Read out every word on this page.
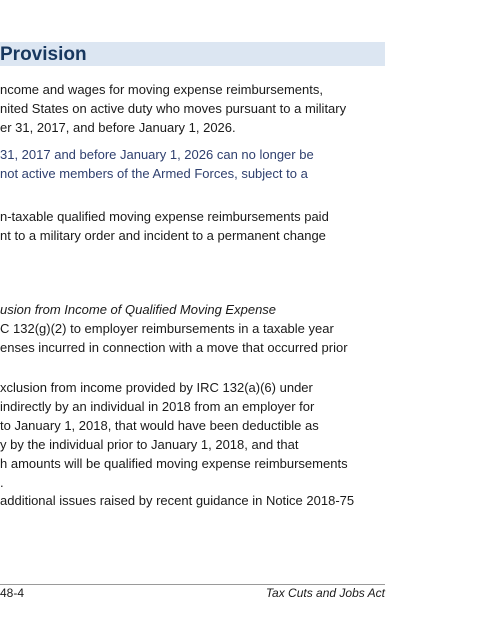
Provision
ncome and wages for moving expense reimbursements,
nited States on active duty who moves pursuant to a military
er 31, 2017, and before January 1, 2026.
31, 2017 and before January 1, 2026 can no longer be
not active members of the Armed Forces, subject to a
n-taxable qualified moving expense reimbursements paid
nt to a military order and incident to a permanent change
usion from Income of Qualified Moving Expense
C 132(g)(2) to employer reimbursements in a taxable year
enses incurred in connection with a move that occurred prior
xclusion from income provided by IRC 132(a)(6) under
indirectly by an individual in 2018 from an employer for
to January 1, 2018, that would have been deductible as
y by the individual prior to January 1, 2018, and that
h amounts will be qualified moving expense reimbursements
.
additional issues raised by recent guidance in Notice 2018-75
48-4	Tax Cuts and Jobs Act
